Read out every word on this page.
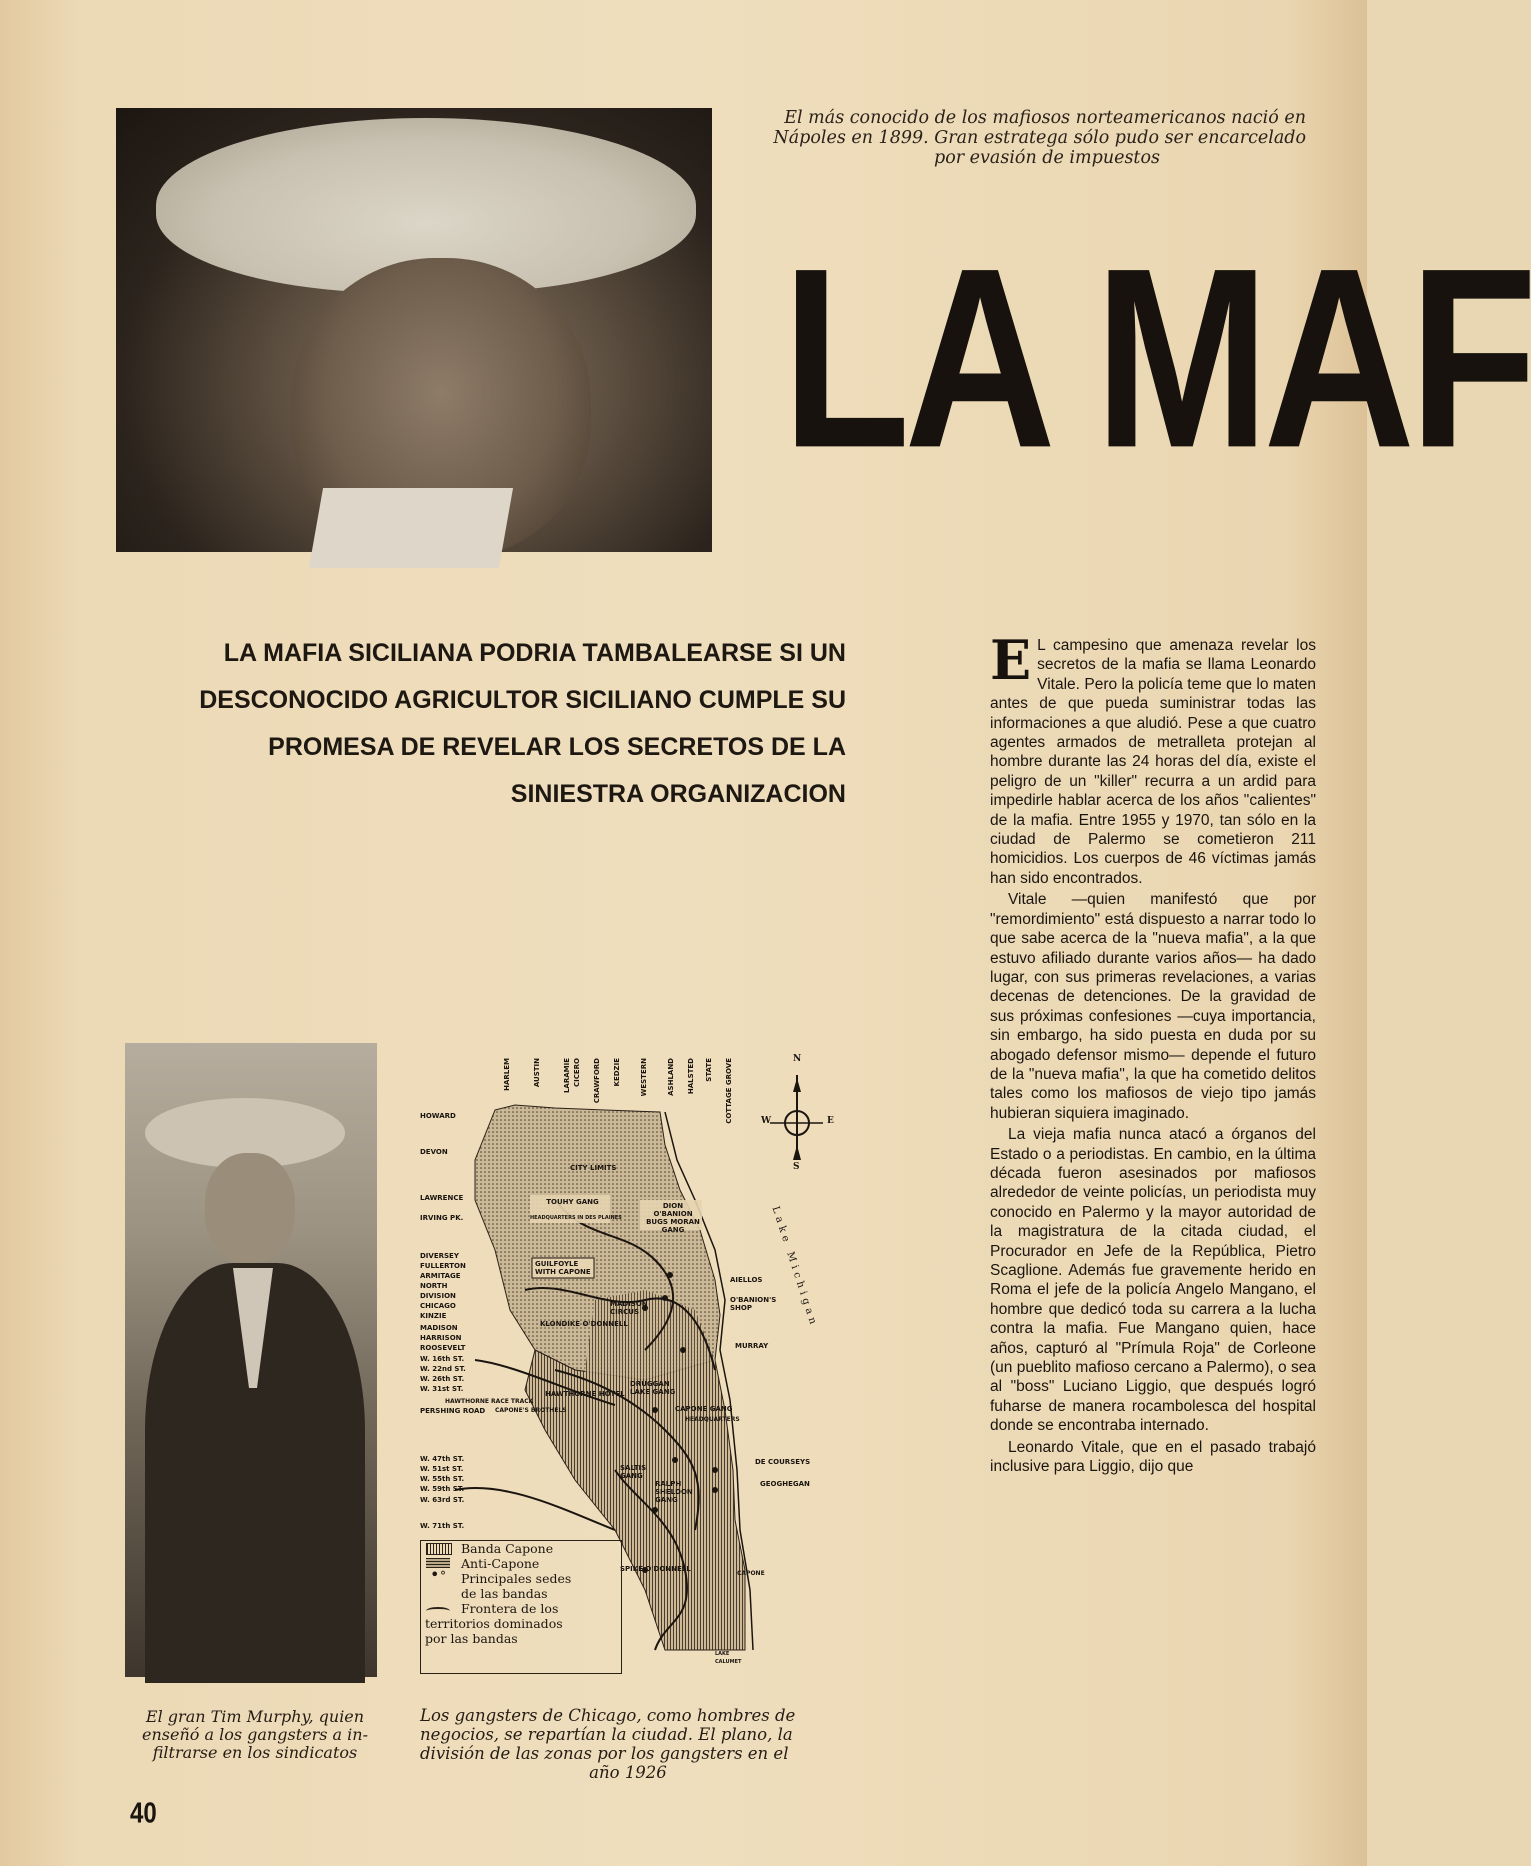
El más conocido de los mafiosos norteamericanos nació en
Nápoles en 1899. Gran estratega sólo pudo ser encarcelado

por evasión de impuestos
LA MAF
LA MAFIA SICILIANA PODRIA TAMBALEARSE SI UN
DESCONOCIDO AGRICULTOR SICILIANO CUMPLE SU
PROMESA DE REVELAR LOS SECRETOS DE LA
SINIESTRA ORGANIZACION

E L campesino que amenaza revelar los secretos de la mafia se llama Leonardo Vitale. Pero la policía teme que lo maten antes de que pueda suministrar todas las informaciones a que aludió. Pese a que cuatro agentes armados de metralleta protejan al hombre durante las 24 horas del día, existe el peligro de un "killer" recurra a un ardid para impedirle hablar acerca de los años "calientes" de la mafia. Entre 1955 y 1970, tan sólo en la ciudad de Palermo se cometieron 211 homicidios. Los cuerpos de 46 víctimas jamás han sido encontrados.

Vitale —quien manifestó que por "remordimiento" está dispuesto a narrar todo lo que sabe acerca de la "nueva mafia", a la que estuvo afiliado durante varios años— ha dado lugar, con sus primeras revelaciones, a varias decenas de detenciones. De la gravidad de sus próximas confesiones —cuya importancia, sin embargo, ha sido puesta en duda por su abogado defensor mismo— depende el futuro de la "nueva mafia", la que ha cometido delitos tales como los mafiosos de viejo tipo jamás hubieran siquiera imaginado.

La vieja mafia nunca atacó a órganos del Estado o a periodistas. En cambio, en la última década fueron asesinados por mafiosos alrededor de veinte policías, un periodista muy conocido en Palermo y la mayor autoridad de la magistratura de la citada ciudad, el Procurador en Jefe de la República, Pietro Scaglione. Además fue gravemente herido en Roma el jefe de la policía Angelo Mangano, el hombre que dedicó toda su carrera a la lucha contra la mafia. Fue Mangano quien, hace años, capturó al "Prímula Roja" de Corleone (un pueblito mafioso cercano a Palermo), o sea al "boss" Luciano Liggio, que después logró fuharse de manera rocambolesca del hospital donde se encontraba internado.

Leonardo Vitale, que en el pasado trabajó inclusive para Liggio, dijo que

HARLEM	AUSTIN	LARAMIE CICERO CRAWFORD KEDZIE	WESTERN	ASHLAND HALSTED STATE COTTAGE GROVE
HOWARD
DEVON
LAWRENCE
IRVING PK.
DIVERSEY
FULLERTON
ARMITAGE
NORTH
DIVISION
CHICAGO
KINZIE
MADISON
HARRISON
ROOSEVELT
W. 16th ST.
W. 22nd ST.
W. 26th ST.
W. 31st ST.
PERSHING ROAD
W. 47th ST.
W. 51st ST.
W. 55th ST.
W. 59th ST.
W. 63rd ST.
W. 71th ST.
CITY LIMITS
TOUHY GANG
HEADQUARTERS IN DES PLAINES
DION O'BANION BUGS MORAN GANG
GUILFOYLE WITH CAPONE
AIELLOS
O'BANION'S SHOP
MADISON CIRCUS
KLONDIKE O'DONNELL
MURRAY
DRUGGAN LAKE GANG
HAWTHORNE HOTEL
HAWTHORNE RACE TRACK
CAPONE'S BROTHELS	CAPONE GANG
HEADQUARTERS
DE COURSEYS
GEOGHEGAN
SALTIS GANG
RALPH SHELDON GANG
SPIKE O'DONNELL
CAPONE
LAKE CALUMET
Lake Michigan
N
W	E
S
Banda Capone
Anti-Capone
• °
Principales sedes
de las bandas
Frontera de los
territorios dominados
por las bandas
El gran Tim Murphy, quien
enseñó a los gangsters a in-
filtrarse en los sindicatos
Los gangsters de Chicago, como hombres de
negocios, se repartían la ciudad. El plano, la
división de las zonas por los gangsters en el
año 1926
40
